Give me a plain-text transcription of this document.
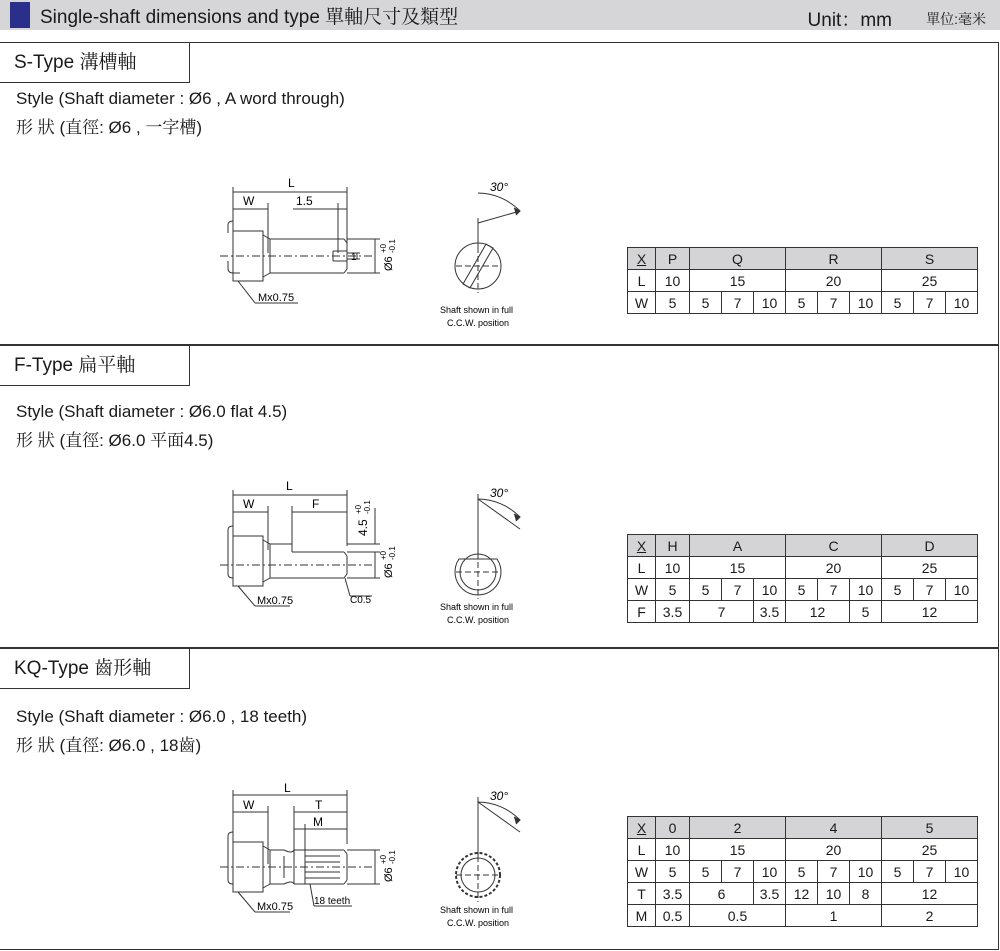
Single-shaft dimensions and type 單軸尺寸及類型	Unit：mm 單位:毫米
S-Type 溝槽軸
Style (Shaft diameter : Ø6 , A word through)
形 狀 (直徑: Ø6 , 一字槽)
L
W	1.5
Mx0.75
1 Ø6
+0 -0.1
30°
Shaft shown in full
C.C.W. position
X	P	Q			R			S		
L	10	15			20			25		
W	5	5	7	10	5	7	10	5	7	10
F-Type 扁平軸
Style (Shaft diameter : Ø6.0 flat 4.5)
形 狀 (直徑: Ø6.0 平面4.5)
L
W	F
Mx0.75	C0.5
4.5
+0 -0.1
Ø6
+0 -0.1
30°
Shaft shown in full
C.C.W. position
X	H	A			C			D		
L	10	15			20			25		
W	5	5	7	10	5	7	10	5	7	10
F	3.5	7		3.5	12		5	12		
KQ-Type 齒形軸
Style (Shaft diameter : Ø6.0 , 18 teeth)
形 狀 (直徑: Ø6.0 , 18齒)
L
W	T
M
Mx0.75 18 teeth
Ø6
+0 -0.1
30°
Shaft shown in full
C.C.W. position
X	0	2			4			5		
L	10	15			20			25		
W	5	5	7	10	5	7	10	5	7	10
T	3.5	6		3.5	12	10	8	12		
M	0.5	0.5			1			2		
